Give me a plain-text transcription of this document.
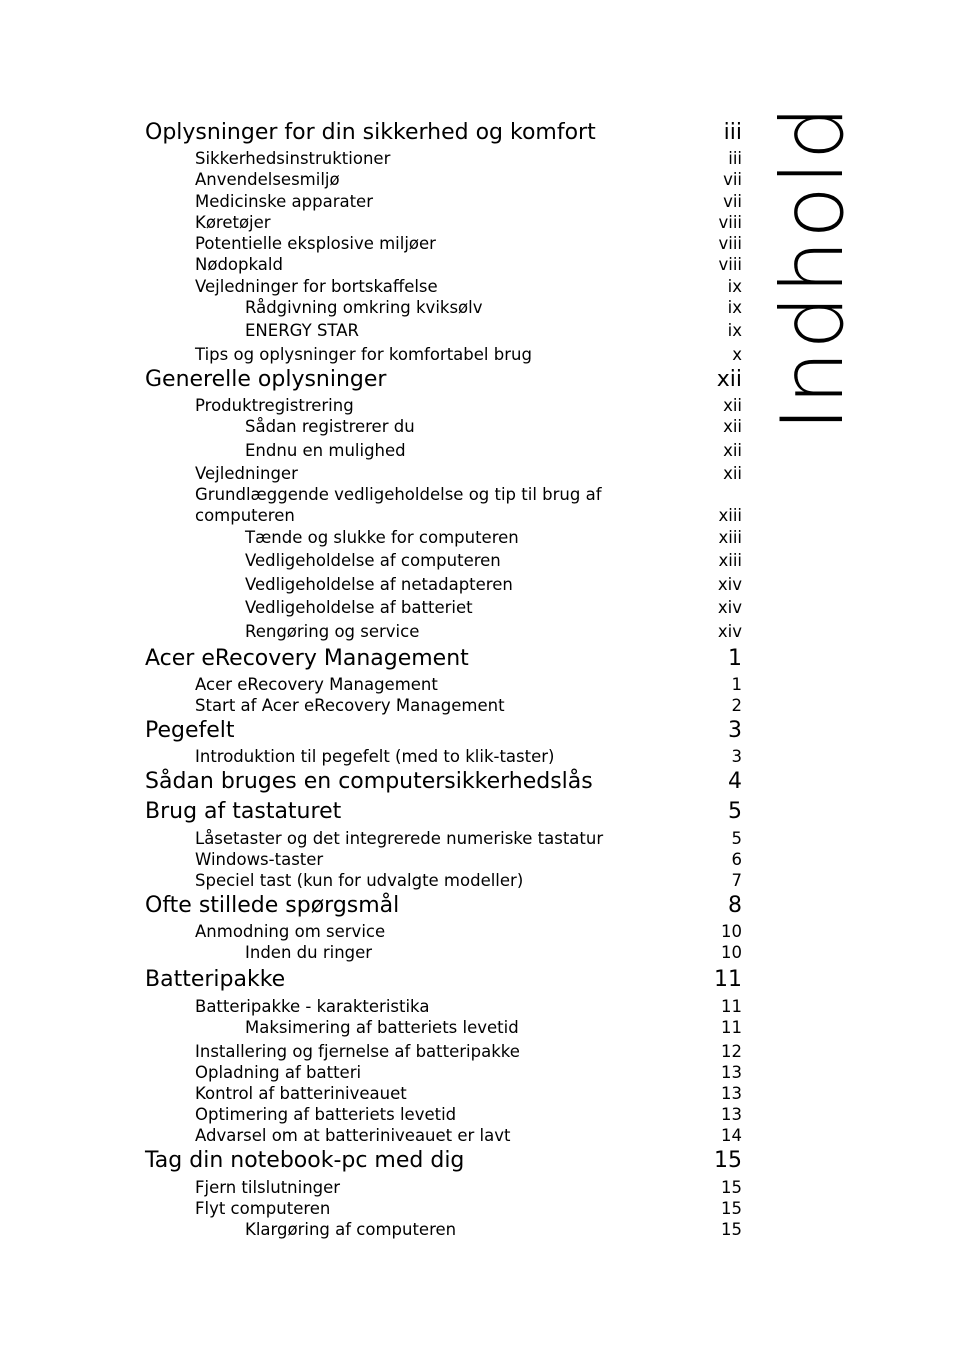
Indhold
Oplysninger for din sikkerhed og komfort	iii
Sikkerhedsinstruktioner	iii
Anvendelsesmiljø	vii
Medicinske apparater	vii
Køretøjer	viii
Potentielle eksplosive miljøer	viii
Nødopkald	viii
Vejledninger for bortskaffelse	ix
Rådgivning omkring kviksølv	ix
ENERGY STAR	ix
Tips og oplysninger for komfortabel brug	x
Generelle oplysninger	xii
Produktregistrering	xii
Sådan registrerer du	xii
Endnu en mulighed	xii
Vejledninger	xii
Grundlæggende vedligeholdelse og tip til brug af
computeren	xiii
Tænde og slukke for computeren	xiii
Vedligeholdelse af computeren	xiii
Vedligeholdelse af netadapteren	xiv
Vedligeholdelse af batteriet	xiv
Rengøring og service	xiv
Acer eRecovery Management	1
Acer eRecovery Management	1
Start af Acer eRecovery Management	2
Pegefelt	3
Introduktion til pegefelt (med to klik-taster)	3
Sådan bruges en computersikkerhedslås	4
Brug af tastaturet	5
Låsetaster og det integrerede numeriske tastatur	5
Windows-taster	6
Speciel tast (kun for udvalgte modeller)	7
Ofte stillede spørgsmål	8
Anmodning om service	10
Inden du ringer	10
Batteripakke	11
Batteripakke - karakteristika	11
Maksimering af batteriets levetid	11
Installering og fjernelse af batteripakke	12
Opladning af batteri	13
Kontrol af batteriniveauet	13
Optimering af batteriets levetid	13
Advarsel om at batteriniveauet er lavt	14
Tag din notebook-pc med dig	15
Fjern tilslutninger	15
Flyt computeren	15
Klargøring af computeren	15
